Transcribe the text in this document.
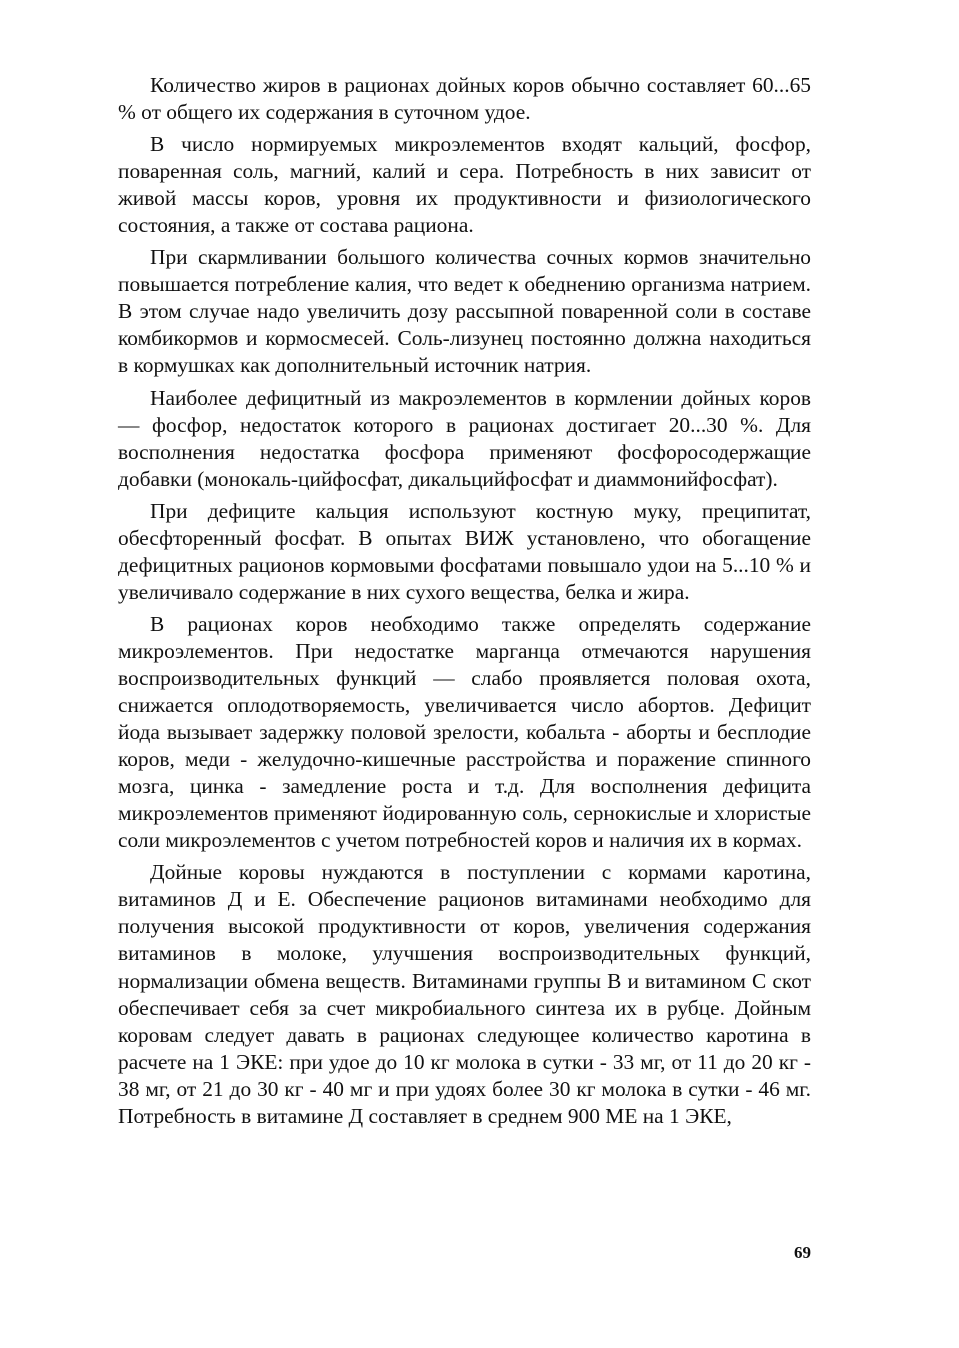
Количество жиров в рационах дойных коров обычно составляет 60...65 % от общего их содержания в суточном удое.

В число нормируемых микроэлементов входят кальций, фосфор, поваренная соль, магний, калий и сера. Потребность в них зависит от живой массы коров, уровня их продуктивности и физиологического состояния, а также от состава рациона.

При скармливании большого количества сочных кормов значительно повышается потребление калия, что ведет к обеднению организма натрием. В этом случае надо увеличить дозу рассыпной поваренной соли в составе комбикормов и кормосмесей. Соль-лизунец постоянно должна находиться в кормушках как дополнительный источник натрия.

Наиболее дефицитный из макроэлементов в кормлении дойных коров — фосфор, недостаток которого в рационах достигает 20...30 %. Для восполнения недостатка фосфора применяют фосфоросодержащие добавки (монокаль-цийфосфат, дикальцийфосфат и диаммонийфосфат).

При дефиците кальция используют костную муку, преципитат, обесфторенный фосфат. В опытах ВИЖ установлено, что обогащение дефицитных рационов кормовыми фосфатами повышало удои на 5...10 % и увеличивало содержание в них сухого вещества, белка и жира.

В рационах коров необходимо также определять содержание микроэлементов. При недостатке марганца отмечаются нарушения воспроизводительных функций — слабо проявляется половая охота, снижается оплодотворяемость, увеличивается число абортов. Дефицит йода вызывает задержку половой зрелости, кобальта - аборты и бесплодие коров, меди - желудочно-кишечные расстройства и поражение спинного мозга, цинка - замедление роста и т.д. Для восполнения дефицита микроэлементов применяют йодированную соль, сернокислые и хлористые соли микроэлементов с учетом потребностей коров и наличия их в кормах.

Дойные коровы нуждаются в поступлении с кормами каротина, витаминов Д и Е. Обеспечение рационов витаминами необходимо для получения высокой продуктивности от коров, увеличения содержания витаминов в молоке, улучшения воспроизводительных функций, нормализации обмена веществ. Витаминами группы В и витамином С скот обеспечивает себя за счет микробиального синтеза их в рубце. Дойным коровам следует давать в рационах следующее количество каротина в расчете на 1 ЭКЕ: при удое до 10 кг молока в сутки - 33 мг, от 11 до 20 кг - 38 мг, от 21 до 30 кг - 40 мг и при удоях более 30 кг молока в сутки - 46 мг. Потребность в витамине Д составляет в среднем 900 МЕ на 1 ЭКЕ,

69
